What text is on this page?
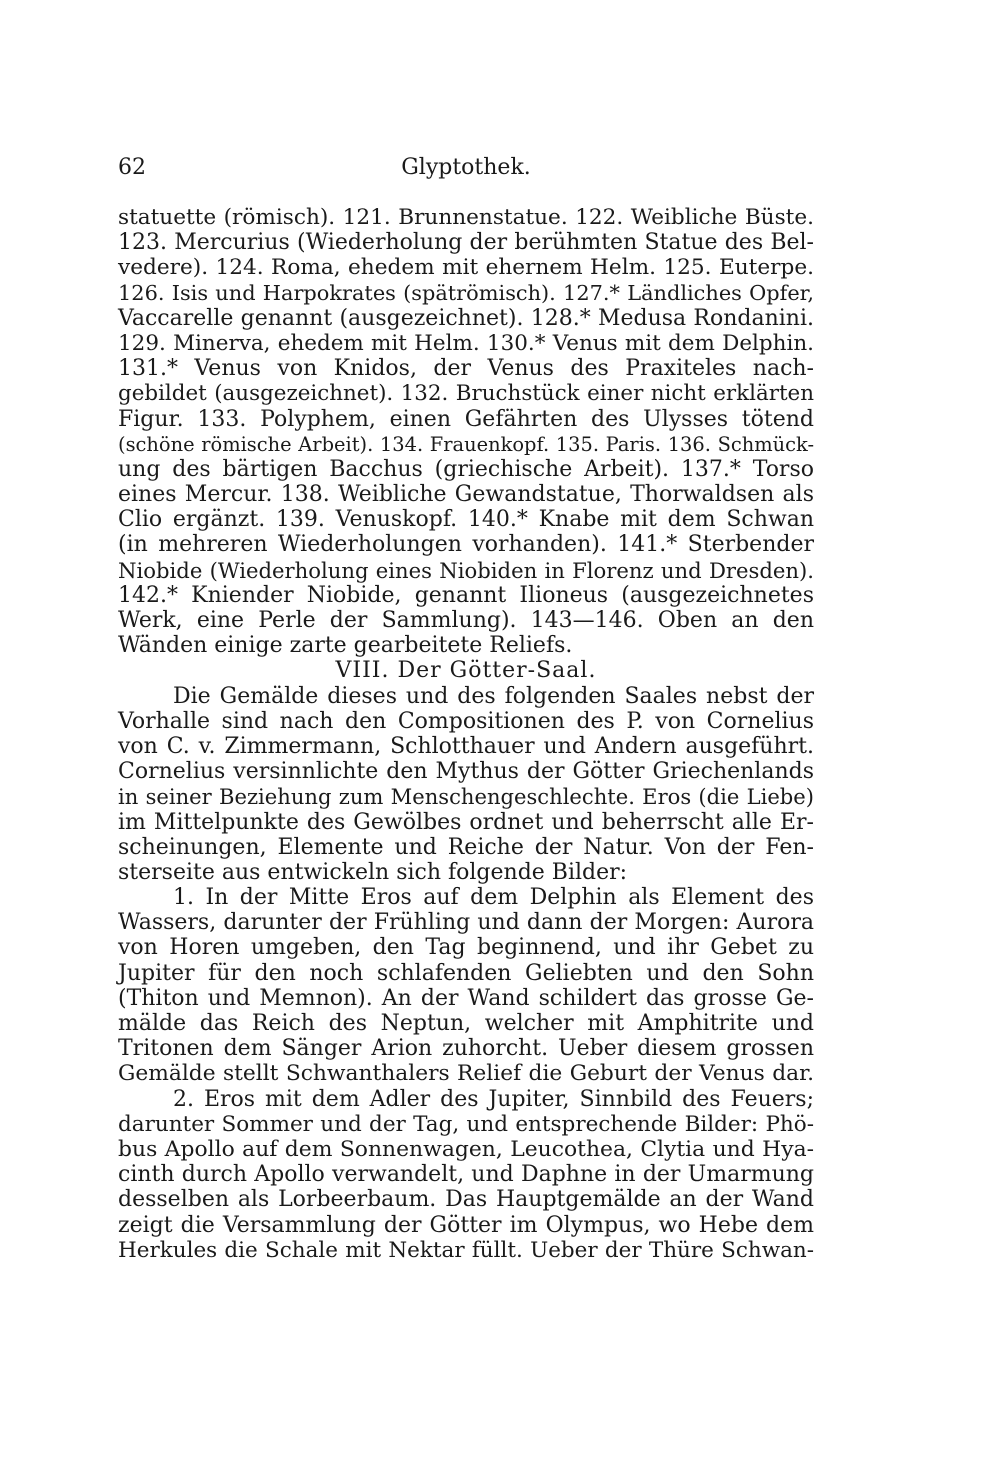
62	Glyptothek.
statuette (römisch). 121. Brunnenstatue. 122. Weibliche Büste.
123. Mercurius (Wiederholung der berühmten Statue des Bel-
vedere). 124. Roma, ehedem mit ehernem Helm. 125. Euterpe.
126. Isis und Harpokrates (spätrömisch). 127.* Ländliches Opfer,
Vaccarelle genannt (ausgezeichnet). 128.* Medusa Rondanini.
129. Minerva, ehedem mit Helm. 130.* Venus mit dem Delphin.
131.* Venus von Knidos, der Venus des Praxiteles nach-
gebildet (ausgezeichnet). 132. Bruchstück einer nicht erklärten
Figur. 133. Polyphem, einen Gefährten des Ulysses tötend
(schöne römische Arbeit). 134. Frauenkopf. 135. Paris. 136. Schmück-
ung des bärtigen Bacchus (griechische Arbeit). 137.* Torso
eines Mercur. 138. Weibliche Gewandstatue, Thorwaldsen als
Clio ergänzt. 139. Venuskopf. 140.* Knabe mit dem Schwan
(in mehreren Wiederholungen vorhanden). 141.* Sterbender
Niobide (Wiederholung eines Niobiden in Florenz und Dresden).
142.* Kniender Niobide, genannt Ilioneus (ausgezeichnetes
Werk, eine Perle der Sammlung). 143—146. Oben an den
Wänden einige zarte gearbeitete Reliefs.
VIII. Der Götter-Saal.
Die Gemälde dieses und des folgenden Saales nebst der
Vorhalle sind nach den Compositionen des P. von Cornelius
von C. v. Zimmermann, Schlotthauer und Andern ausgeführt.
Cornelius versinnlichte den Mythus der Götter Griechenlands
in seiner Beziehung zum Menschengeschlechte. Eros (die Liebe)
im Mittelpunkte des Gewölbes ordnet und beherrscht alle Er-
scheinungen, Elemente und Reiche der Natur. Von der Fen-
sterseite aus entwickeln sich folgende Bilder:
1. In der Mitte Eros auf dem Delphin als Element des
Wassers, darunter der Frühling und dann der Morgen: Aurora
von Horen umgeben, den Tag beginnend, und ihr Gebet zu
Jupiter für den noch schlafenden Geliebten und den Sohn
(Thiton und Memnon). An der Wand schildert das grosse Ge-
mälde das Reich des Neptun, welcher mit Amphitrite und
Tritonen dem Sänger Arion zuhorcht. Ueber diesem grossen
Gemälde stellt Schwanthalers Relief die Geburt der Venus dar.
2. Eros mit dem Adler des Jupiter, Sinnbild des Feuers;
darunter Sommer und der Tag, und entsprechende Bilder: Phö-
bus Apollo auf dem Sonnenwagen, Leucothea, Clytia und Hya-
cinth durch Apollo verwandelt, und Daphne in der Umarmung
desselben als Lorbeerbaum. Das Hauptgemälde an der Wand
zeigt die Versammlung der Götter im Olympus, wo Hebe dem
Herkules die Schale mit Nektar füllt. Ueber der Thüre Schwan-
